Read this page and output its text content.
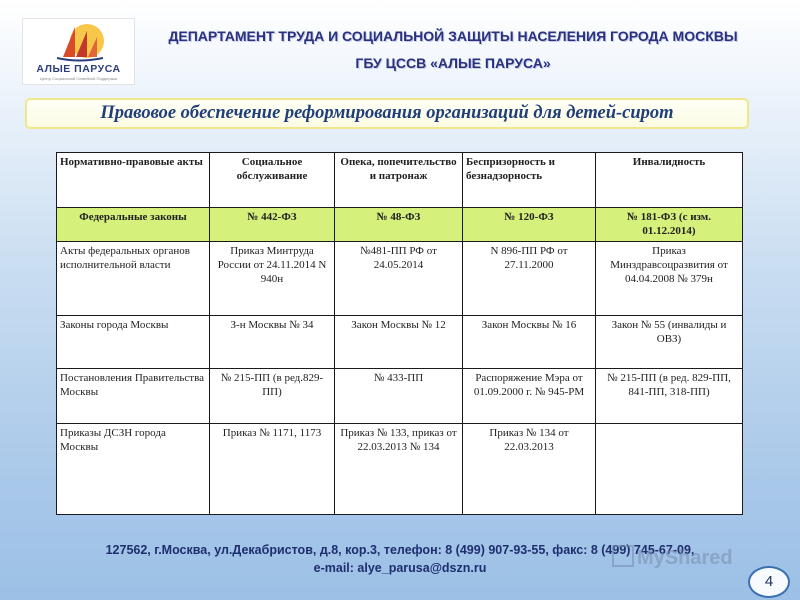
АЛЫЕ ПАРУСА
Центр Социальной Семейной Поддержки
ДЕПАРТАМЕНТ ТРУДА И СОЦИАЛЬНОЙ ЗАЩИТЫ НАСЕЛЕНИЯ ГОРОДА МОСКВЫ
ГБУ ЦССВ «АЛЫЕ ПАРУСА»
Правовое обеспечение реформирования организаций для детей-сирот
Нормативно-правовые акты	Социальное обслуживание	Опека, попечительство и патронаж	Беспризорность и безнадзорность	Инвалидность
Федеральные законы	№ 442-ФЗ	№ 48-ФЗ	№ 120-ФЗ	№ 181-ФЗ (с изм. 01.12.2014)
Акты федеральных органов исполнительной власти	Приказ Минтруда России от 24.11.2014 N 940н	№481-ПП РФ от 24.05.2014	N 896-ПП РФ от 27.11.2000	Приказ Минздравсоцразвития от 04.04.2008 № 379н
Законы города Москвы	З-н Москвы № 34	Закон Москвы № 12	Закон Москвы № 16	Закон № 55 (инвалиды и ОВЗ)
Постановления Правительства Москвы	№ 215-ПП (в ред.829-ПП)	№ 433-ПП	Распоряжение Мэра от 01.09.2000 г. № 945-РМ	№ 215-ПП (в ред. 829-ПП, 841-ПП, 318-ПП)
Приказы ДСЗН города Москвы	Приказ № 1171, 1173	Приказ № 133, приказ от 22.03.2013 № 134	Приказ № 134 от 22.03.2013	
127562, г.Москва, ул.Декабристов, д.8, кор.3, телефон: 8 (499) 907-93-55, факс: 8 (499) 745-67-09,
e-mail: alye_parusa@dszn.ru	MyShared
4
